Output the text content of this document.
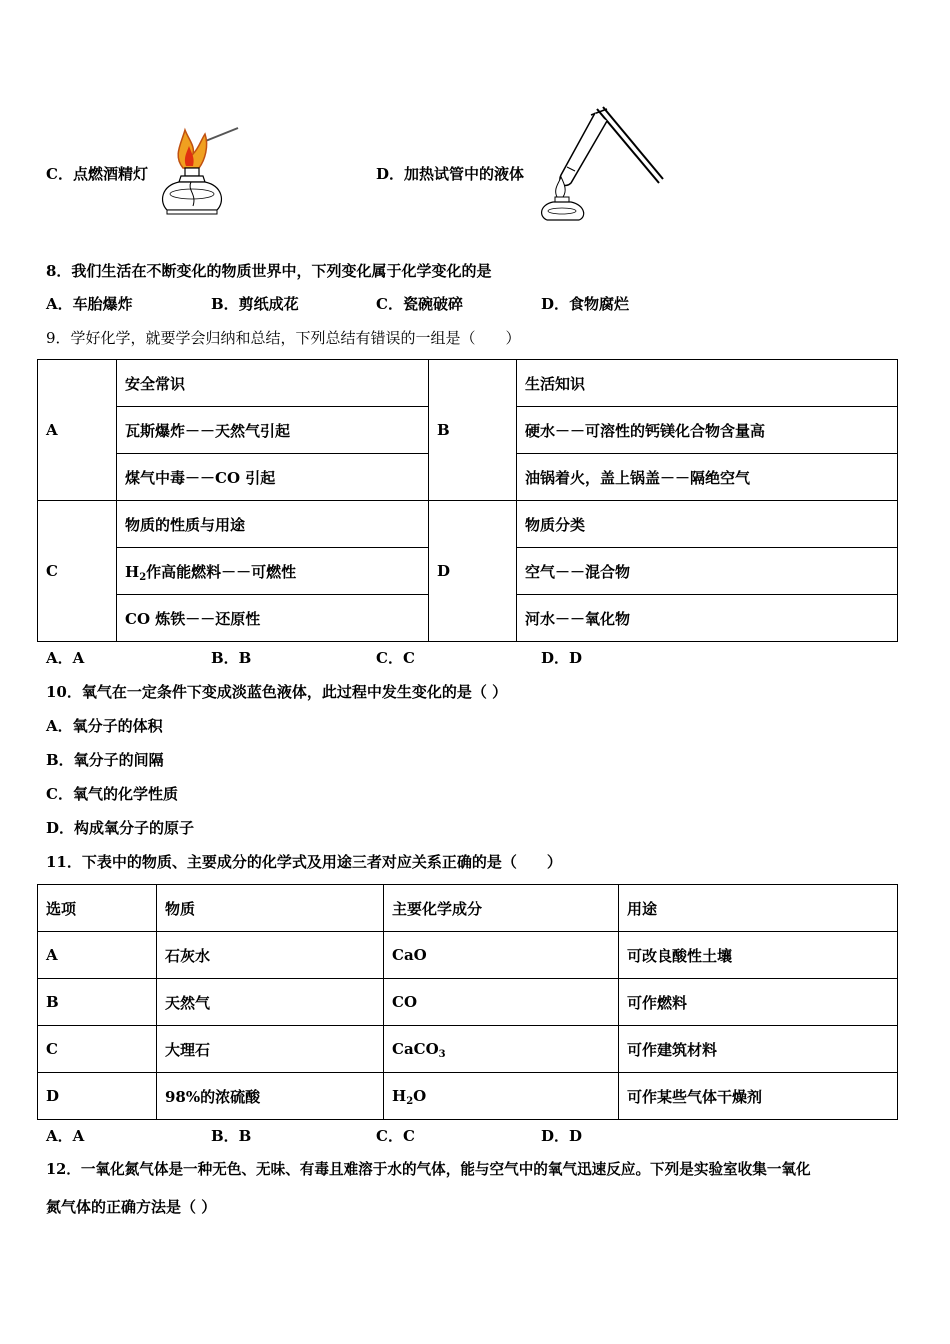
C．点燃酒精灯	D．加热试管中的液体
8．我们生活在不断变化的物质世界中，下列变化属于化学变化的是
A．车胎爆炸	B．剪纸成花	C．瓷碗破碎	D．食物腐烂
9．学好化学，就要学会归纳和总结，下列总结有错误的一组是（　　）
A	安全常识	B	生活知识
	瓦斯爆炸－－天然气引起		硬水－－可溶性的钙镁化合物含量高
	煤气中毒－－CO 引起		油锅着火，盖上锅盖－－隔绝空气
C	物质的性质与用途	D	物质分类
	$H_2$作高能燃料－－可燃性		空气－－混合物
	CO 炼铁－－还原性		河水－－氧化物
A．A	B．B	C．C	D．D
10．氧气在一定条件下变成淡蓝色液体，此过程中发生变化的是（ ）
A．氧分子的体积
B．氧分子的间隔
C．氧气的化学性质
D．构成氧分子的原子
11．下表中的物质、主要成分的化学式及用途三者对应关系正确的是（　　）
选项	物质	主要化学成分	用途
A	石灰水	CaO	可改良酸性土壤
B	天然气	CO	可作燃料
C	大理石	CaCO$_3$	可作建筑材料
D	98%的浓硫酸	$H_2O$	可作某些气体干燥剂
A．A	B．B	C．C	D．D
12．一氧化氮气体是一种无色、无味、有毒且难溶于水的气体，能与空气中的氧气迅速反应。下列是实验室收集一氧化
氮气体的正确方法是（ ）
